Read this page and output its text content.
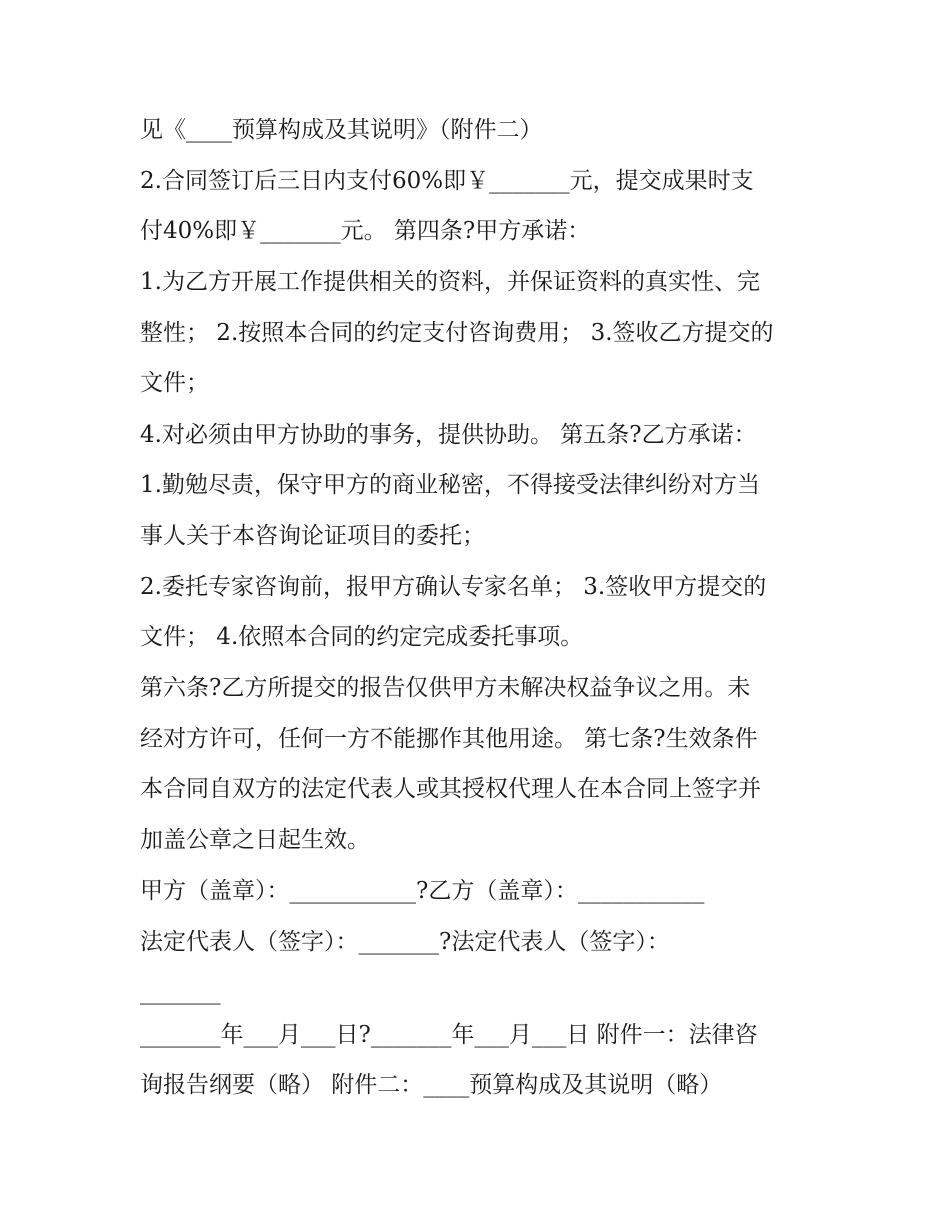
见《____预算构成及其说明》（附件二）
2.合同签订后三日内支付60%即￥_______元，提交成果时支
付40%即￥_______元。 第四条?甲方承诺：
1.为乙方开展工作提供相关的资料，并保证资料的真实性、完
整性； 2.按照本合同的约定支付咨询费用； 3.签收乙方提交的
文件；
4.对必须由甲方协助的事务，提供协助。 第五条?乙方承诺：
1.勤勉尽责，保守甲方的商业秘密，不得接受法律纠纷对方当
事人关于本咨询论证项目的委托；
2.委托专家咨询前，报甲方确认专家名单； 3.签收甲方提交的
文件； 4.依照本合同的约定完成委托事项。
第六条?乙方所提交的报告仅供甲方未解决权益争议之用。未
经对方许可，任何一方不能挪作其他用途。 第七条?生效条件
本合同自双方的法定代表人或其授权代理人在本合同上签字并
加盖公章之日起生效。
甲方（盖章）：___________?乙方（盖章）：___________
法定代表人（签字）：_______?法定代表人（签字）：
_______
_______年___月___日?_______年___月___日 附件一：法律咨
询报告纲要（略） 附件二：____预算构成及其说明（略）
